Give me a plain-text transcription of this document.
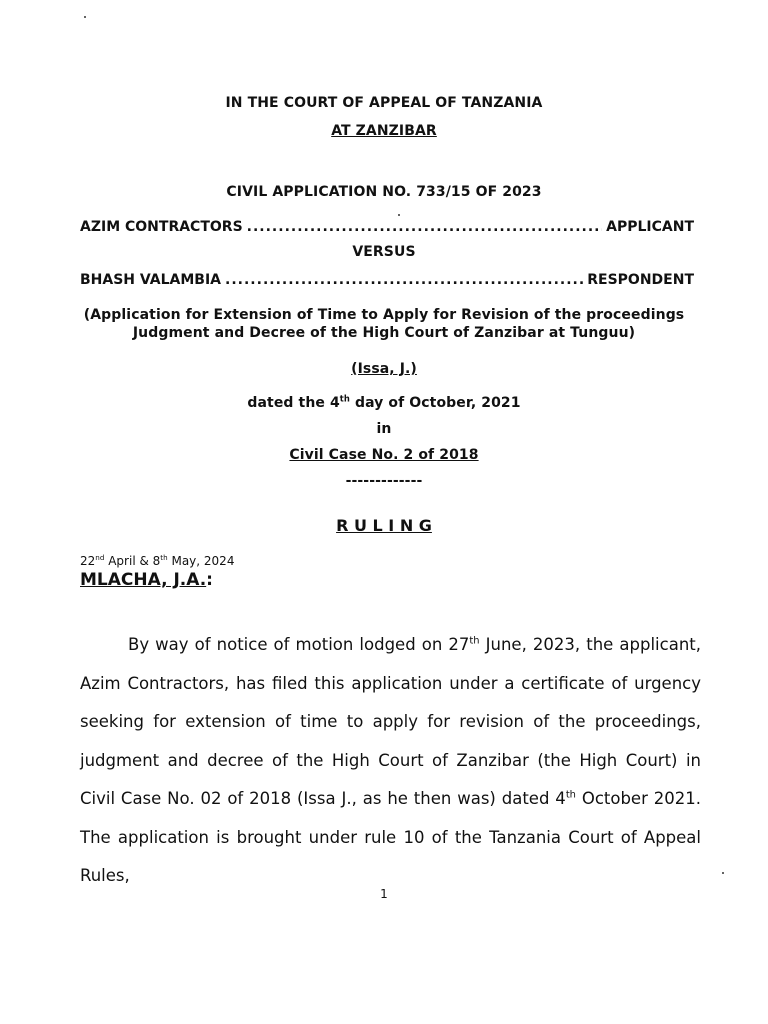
IN THE COURT OF APPEAL OF TANZANIA
AT ZANZIBAR
CIVIL APPLICATION NO. 733/15 OF 2023
AZIM CONTRACTORS .....	APPLICANT
VERSUS
BHASH VALAMBIA .....	RESPONDENT
(Application for Extension of Time to Apply for Revision of the proceedings
Judgment and Decree of the High Court of Zanzibar at Tunguu)
(Issa, J.)
dated the 4th day of October, 2021
in
Civil Case No. 2 of 2018
-------------
R U L I N G
22nd April & 8th May, 2024
MLACHA, J.A.:
By way of notice of motion lodged on 27th June, 2023, the applicant, Azim Contractors, has filed this application under a certificate of urgency seeking for extension of time to apply for revision of the proceedings, judgment and decree of the High Court of Zanzibar (the High Court) in Civil Case No. 02 of 2018 (Issa J., as he then was) dated 4th October 2021. The application is brought under rule 10 of the Tanzania Court of Appeal Rules,
1
